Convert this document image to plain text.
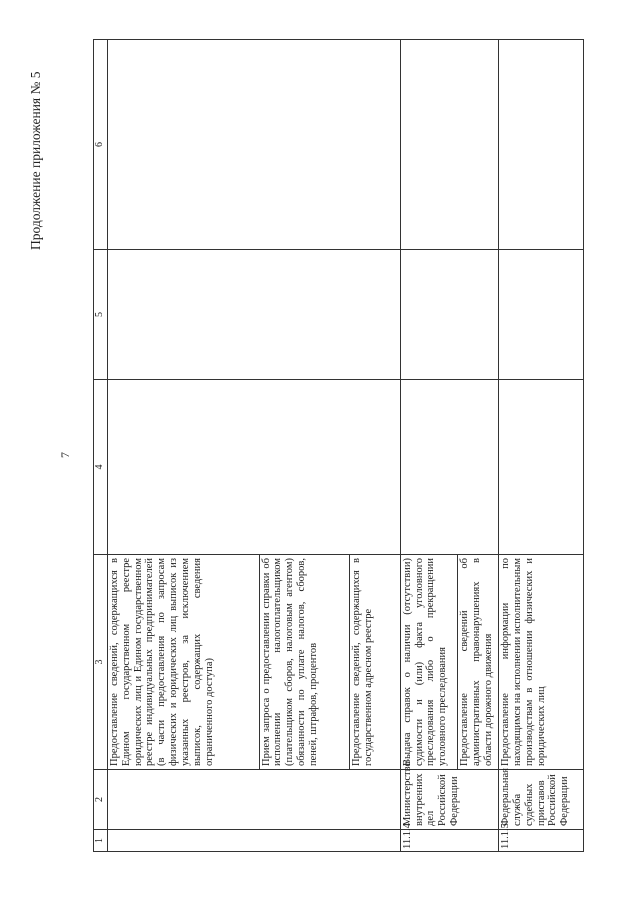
Продолжение приложения № 5
7
1	2	3	4	5	6
		Предоставление сведений, содержащихся в Едином государственном реестре юридических лиц и Едином государственном реестре индивидуальных предпринимателей (в части предоставления по запросам физических и юридических лиц выписок из указанных реестров, за исключением выписок, содержащих сведения ограниченного доступа)			
		Прием запроса о предоставлении справки об исполнении налогоплательщиком (плательщиком сборов, налоговым агентом) обязанности по уплате налогов, сборов, пеней, штрафов, процентов			
		Предоставление сведений, содержащихся в государственном адресном реестре			
11.1.4	Министерство внутренних дел Российской Федерации	Выдача справок о наличии (отсутствии) судимости и (или) факта уголовного преследования либо о прекращении уголовного преследования			
		Предоставление сведений об административных правонарушениях в области дорожного движения			
11.1.5	Федеральная служба судебных приставов Российской Федерации	Предоставление информации по находящимся на исполнении исполнительным производствам в отношении физических и юридических лиц			
